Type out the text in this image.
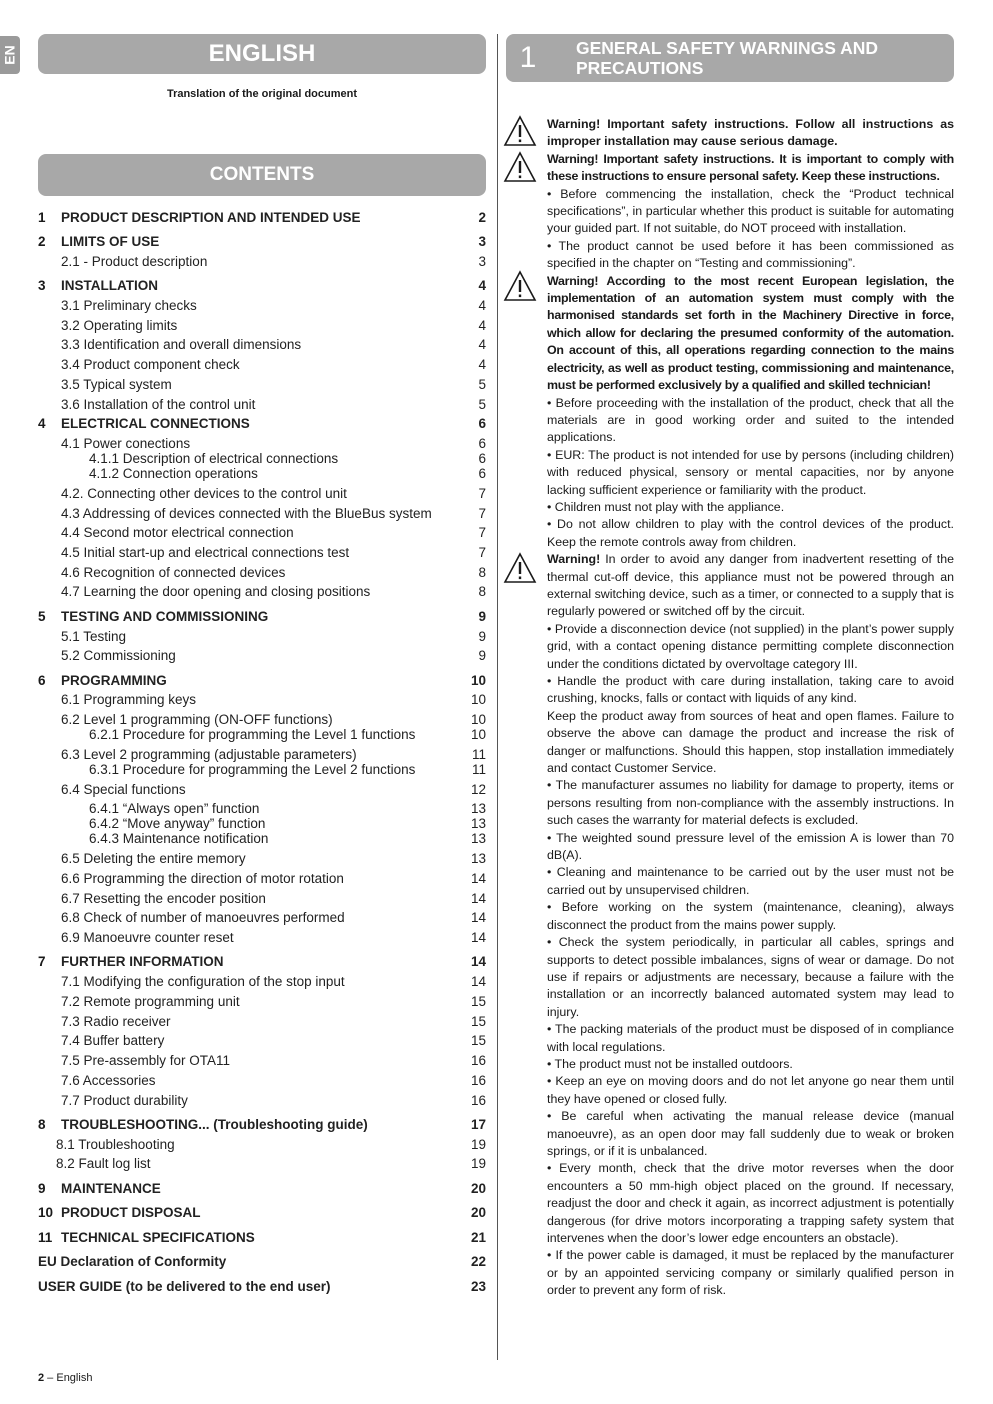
EN	ENGLISH
Translation of the original document
CONTENTS
1 PRODUCT DESCRIPTION AND INTENDED USE	2
2 LIMITS OF USE	3
2.1 - Product description	3
3 INSTALLATION	4
3.1 Preliminary checks	4
3.2 Operating limits	4
3.3 Identification and overall dimensions	4
3.4 Product component check	4
3.5 Typical system	5
3.6 Installation of the control unit	5
4 ELECTRICAL CONNECTIONS	6
4.1 Power conections	6
4.1.1 Description of electrical connections	6
4.1.2 Connection operations	6
4.2. Connecting other devices to the control unit	7
4.3 Addressing of devices connected with the BlueBus system	7
4.4 Second motor electrical connection	7
4.5 Initial start-up and electrical connections test	7
4.6 Recognition of connected devices	8
4.7 Learning the door opening and closing positions	8
5 TESTING AND COMMISSIONING	9
5.1 Testing	9
5.2 Commissioning	9
6 PROGRAMMING	10
6.1 Programming keys	10
6.2 Level 1 programming (ON-OFF functions)	10
6.2.1 Procedure for programming the Level 1 functions	10
6.3 Level 2 programming (adjustable parameters)	11
6.3.1 Procedure for programming the Level 2 functions	11
6.4 Special functions	12
6.4.1 “Always open” function	13
6.4.2 “Move anyway” function	13
6.4.3 Maintenance notification	13
6.5 Deleting the entire memory	13
6.6 Programming the direction of motor rotation	14
6.7 Resetting the encoder position	14
6.8 Check of number of manoeuvres performed	14
6.9 Manoeuvre counter reset	14
7 FURTHER INFORMATION	14
7.1 Modifying the configuration of the stop input	14
7.2 Remote programming unit	15
7.3 Radio receiver	15
7.4 Buffer battery	15
7.5 Pre-assembly for OTA11	16
7.6 Accessories	16
7.7 Product durability	16
8 TROUBLESHOOTING... (Troubleshooting guide)	17
8.1 Troubleshooting	19
8.2 Fault log list	19
9 MAINTENANCE	20
10 PRODUCT DISPOSAL	20
11 TECHNICAL SPECIFICATIONS	21
EU Declaration of Conformity	22
USER GUIDE (to be delivered to the end user)	23
1	GENERAL SAFETY WARNINGS AND
PRECAUTIONS

Warning! Important safety instructions. Follow all instructions as improper installation may cause serious damage.

Warning! Important safety instructions. It is important to comply with these instructions to ensure personal safety. Keep these instructions.

• Before commencing the installation, check the “Product technical specifications”, in particular whether this product is suitable for automating your guided part. If not suitable, do NOT proceed with installation.

• The product cannot be used before it has been commissioned as specified in the chapter on “Testing and commissioning”.

Warning! According to the most recent European legislation, the implementation of an automation system must comply with the harmonised standards set forth in the Machinery Directive in force, which allow for declaring the presumed conformity of the automation. On account of this, all operations regarding connection to the mains electricity, as well as product testing, commissioning and maintenance, must be performed exclusively by a qualified and skilled technician!

• Before proceeding with the installation of the product, check that all the materials are in good working order and suited to the intended applications.

• EUR: The product is not intended for use by persons (including children) with reduced physical, sensory or mental capacities, nor by anyone lacking sufficient experience or familiarity with the product.

• Children must not play with the appliance.

• Do not allow children to play with the control devices of the product. Keep the remote controls away from children.

Warning! In order to avoid any danger from inadvertent resetting of the thermal cut-off device, this appliance must not be powered through an external switching device, such as a timer, or connected to a supply that is regularly powered or switched off by the circuit.

• Provide a disconnection device (not supplied) in the plant’s power supply grid, with a contact opening distance permitting complete disconnection under the conditions dictated by overvoltage category III.

• Handle the product with care during installation, taking care to avoid crushing, knocks, falls or contact with liquids of any kind.

Keep the product away from sources of heat and open flames. Failure to observe the above can damage the product and increase the risk of danger or malfunctions. Should this happen, stop installation immediately and contact Customer Service.

• The manufacturer assumes no liability for damage to property, items or persons resulting from non-compliance with the assembly instructions. In such cases the warranty for material defects is excluded.

• The weighted sound pressure level of the emission A is lower than 70 dB(A).

• Cleaning and maintenance to be carried out by the user must not be carried out by unsupervised children.

• Before working on the system (maintenance, cleaning), always disconnect the product from the mains power supply.

• Check the system periodically, in particular all cables, springs and supports to detect possible imbalances, signs of wear or damage. Do not use if repairs or adjustments are necessary, because a failure with the installation or an incorrectly balanced automated system may lead to injury.

• The packing materials of the product must be disposed of in compliance with local regulations.

• The product must not be installed outdoors.

• Keep an eye on moving doors and do not let anyone go near them until they have opened or closed fully.

• Be careful when activating the manual release device (manual manoeuvre), as an open door may fall suddenly due to weak or broken springs, or if it is unbalanced.

• Every month, check that the drive motor reverses when the door encounters a 50 mm-high object placed on the ground. If necessary, readjust the door and check it again, as incorrect adjustment is potentially dangerous (for drive motors incorporating a trapping safety system that intervenes when the door’s lower edge encounters an obstacle).

• If the power cable is damaged, it must be replaced by the manufacturer or by an appointed servicing company or similarly qualified person in order to prevent any form of risk.

2 – English
